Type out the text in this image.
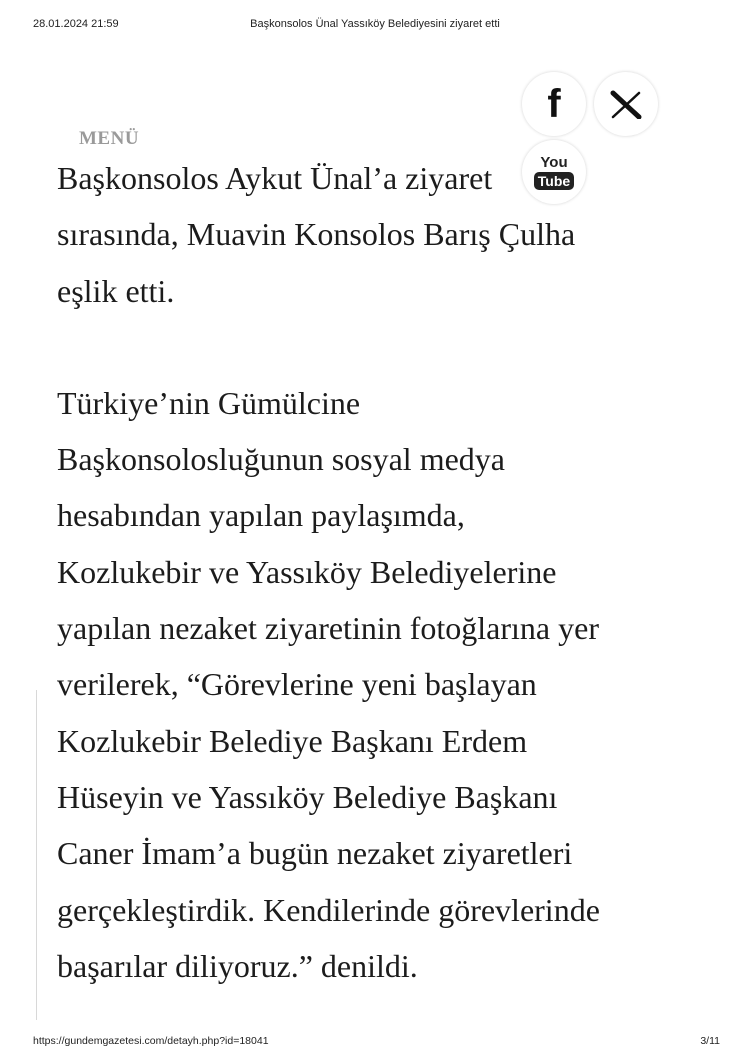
28.01.2024 21:59	Başkonsolos Ünal Yassıköy Belediyesini ziyaret etti
MENÜ
f
You
Tube

Başkonsolos Aykut Ünal’a ziyaret

sırasında, Muavin Konsolos Barış Çulha

eşlik etti.

Türkiye’nin Gümülcine

Başkonsolosluğunun sosyal medya

hesabından yapılan paylaşımda,

Kozlukebir ve Yassıköy Belediyelerine

yapılan nezaket ziyaretinin fotoğlarına yer

verilerek, “Görevlerine yeni başlayan

Kozlukebir Belediye Başkanı Erdem

Hüseyin ve Yassıköy Belediye Başkanı

Caner İmam’a bugün nezaket ziyaretleri

gerçekleştirdik. Kendilerinde görevlerinde

başarılar diliyoruz.” denildi.

https://gundemgazetesi.com/detayh.php?id=18041	3/11
